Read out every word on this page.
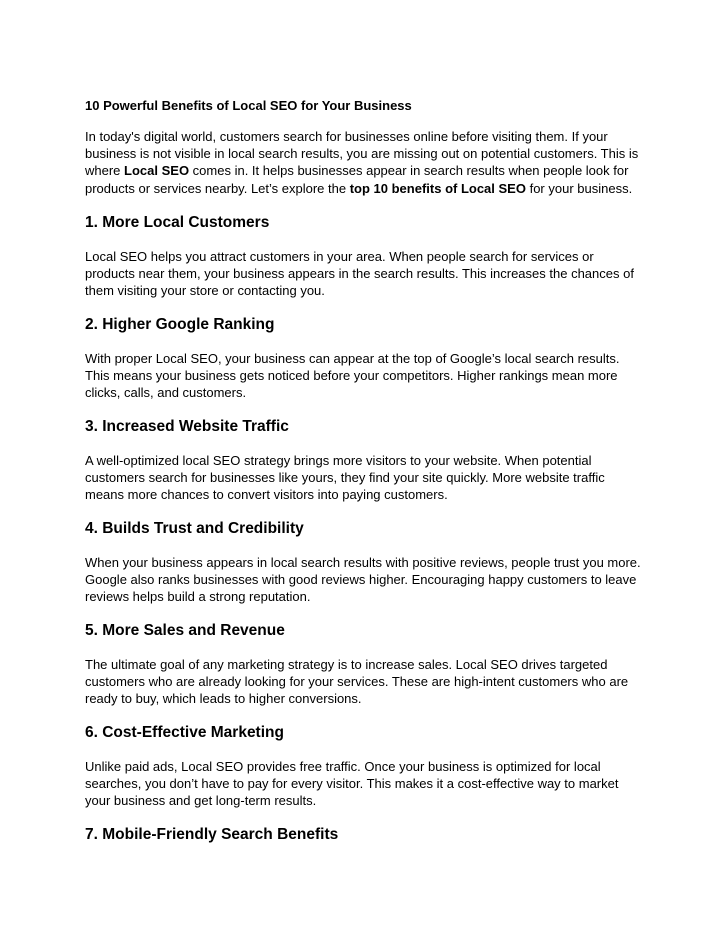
10 Powerful Benefits of Local SEO for Your Business

In today's digital world, customers search for businesses online before visiting them. If your business is not visible in local search results, you are missing out on potential customers. This is where Local SEO comes in. It helps businesses appear in search results when people look for products or services nearby. Let’s explore the top 10 benefits of Local SEO for your business.

1. More Local Customers

Local SEO helps you attract customers in your area. When people search for services or products near them, your business appears in the search results. This increases the chances of them visiting your store or contacting you.

2. Higher Google Ranking

With proper Local SEO, your business can appear at the top of Google’s local search results. This means your business gets noticed before your competitors. Higher rankings mean more clicks, calls, and customers.

3. Increased Website Traffic

A well-optimized local SEO strategy brings more visitors to your website. When potential customers search for businesses like yours, they find your site quickly. More website traffic means more chances to convert visitors into paying customers.

4. Builds Trust and Credibility

When your business appears in local search results with positive reviews, people trust you more. Google also ranks businesses with good reviews higher. Encouraging happy customers to leave reviews helps build a strong reputation.

5. More Sales and Revenue

The ultimate goal of any marketing strategy is to increase sales. Local SEO drives targeted customers who are already looking for your services. These are high-intent customers who are ready to buy, which leads to higher conversions.

6. Cost-Effective Marketing

Unlike paid ads, Local SEO provides free traffic. Once your business is optimized for local searches, you don’t have to pay for every visitor. This makes it a cost-effective way to market your business and get long-term results.

7. Mobile-Friendly Search Benefits
